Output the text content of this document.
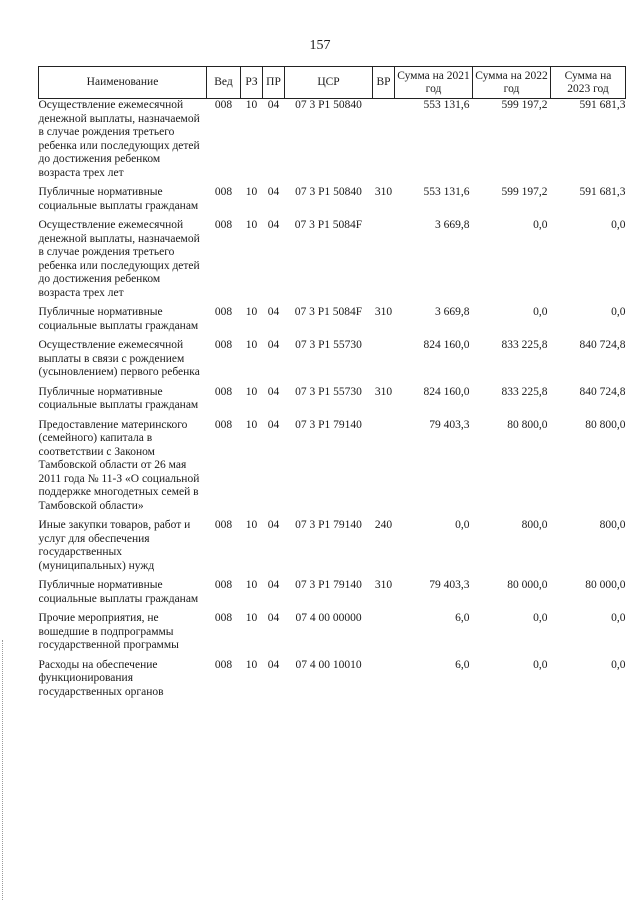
157
Наименование	Вед	РЗ	ПР	ЦСР	ВР	Сумма на 2021 год	Сумма на 2022 год	Сумма на 2023 год
Осуществление ежемесячной денежной выплаты, назначаемой в случае рождения третьего ребенка или последующих детей до достижения ребенком возраста трех лет	008	10	04	07 3 P1 50840		553 131,6	599 197,2	591 681,3
Публичные нормативные социальные выплаты гражданам	008	10	04	07 3 P1 50840	310	553 131,6	599 197,2	591 681,3
Осуществление ежемесячной денежной выплаты, назначаемой в случае рождения третьего ребенка или последующих детей до достижения ребенком возраста трех лет	008	10	04	07 3 P1 5084F		3 669,8	0,0	0,0
Публичные нормативные социальные выплаты гражданам	008	10	04	07 3 P1 5084F	310	3 669,8	0,0	0,0
Осуществление ежемесячной выплаты в связи с рождением (усыновлением) первого ребенка	008	10	04	07 3 P1 55730		824 160,0	833 225,8	840 724,8
Публичные нормативные социальные выплаты гражданам	008	10	04	07 3 P1 55730	310	824 160,0	833 225,8	840 724,8
Предоставление материнского (семейного) капитала в соответствии с Законом Тамбовской области от 26 мая 2011 года № 11-З «О социальной поддержке многодетных семей в Тамбовской области»	008	10	04	07 3 P1 79140		79 403,3	80 800,0	80 800,0
Иные закупки товаров, работ и услуг для обеспечения государственных (муниципальных) нужд	008	10	04	07 3 P1 79140	240	0,0	800,0	800,0
Публичные нормативные социальные выплаты гражданам	008	10	04	07 3 P1 79140	310	79 403,3	80 000,0	80 000,0
Прочие мероприятия, не вошедшие в подпрограммы государственной программы	008	10	04	07 4 00 00000		6,0	0,0	0,0
Расходы на обеспечение функционирования государственных органов	008	10	04	07 4 00 10010		6,0	0,0	0,0
